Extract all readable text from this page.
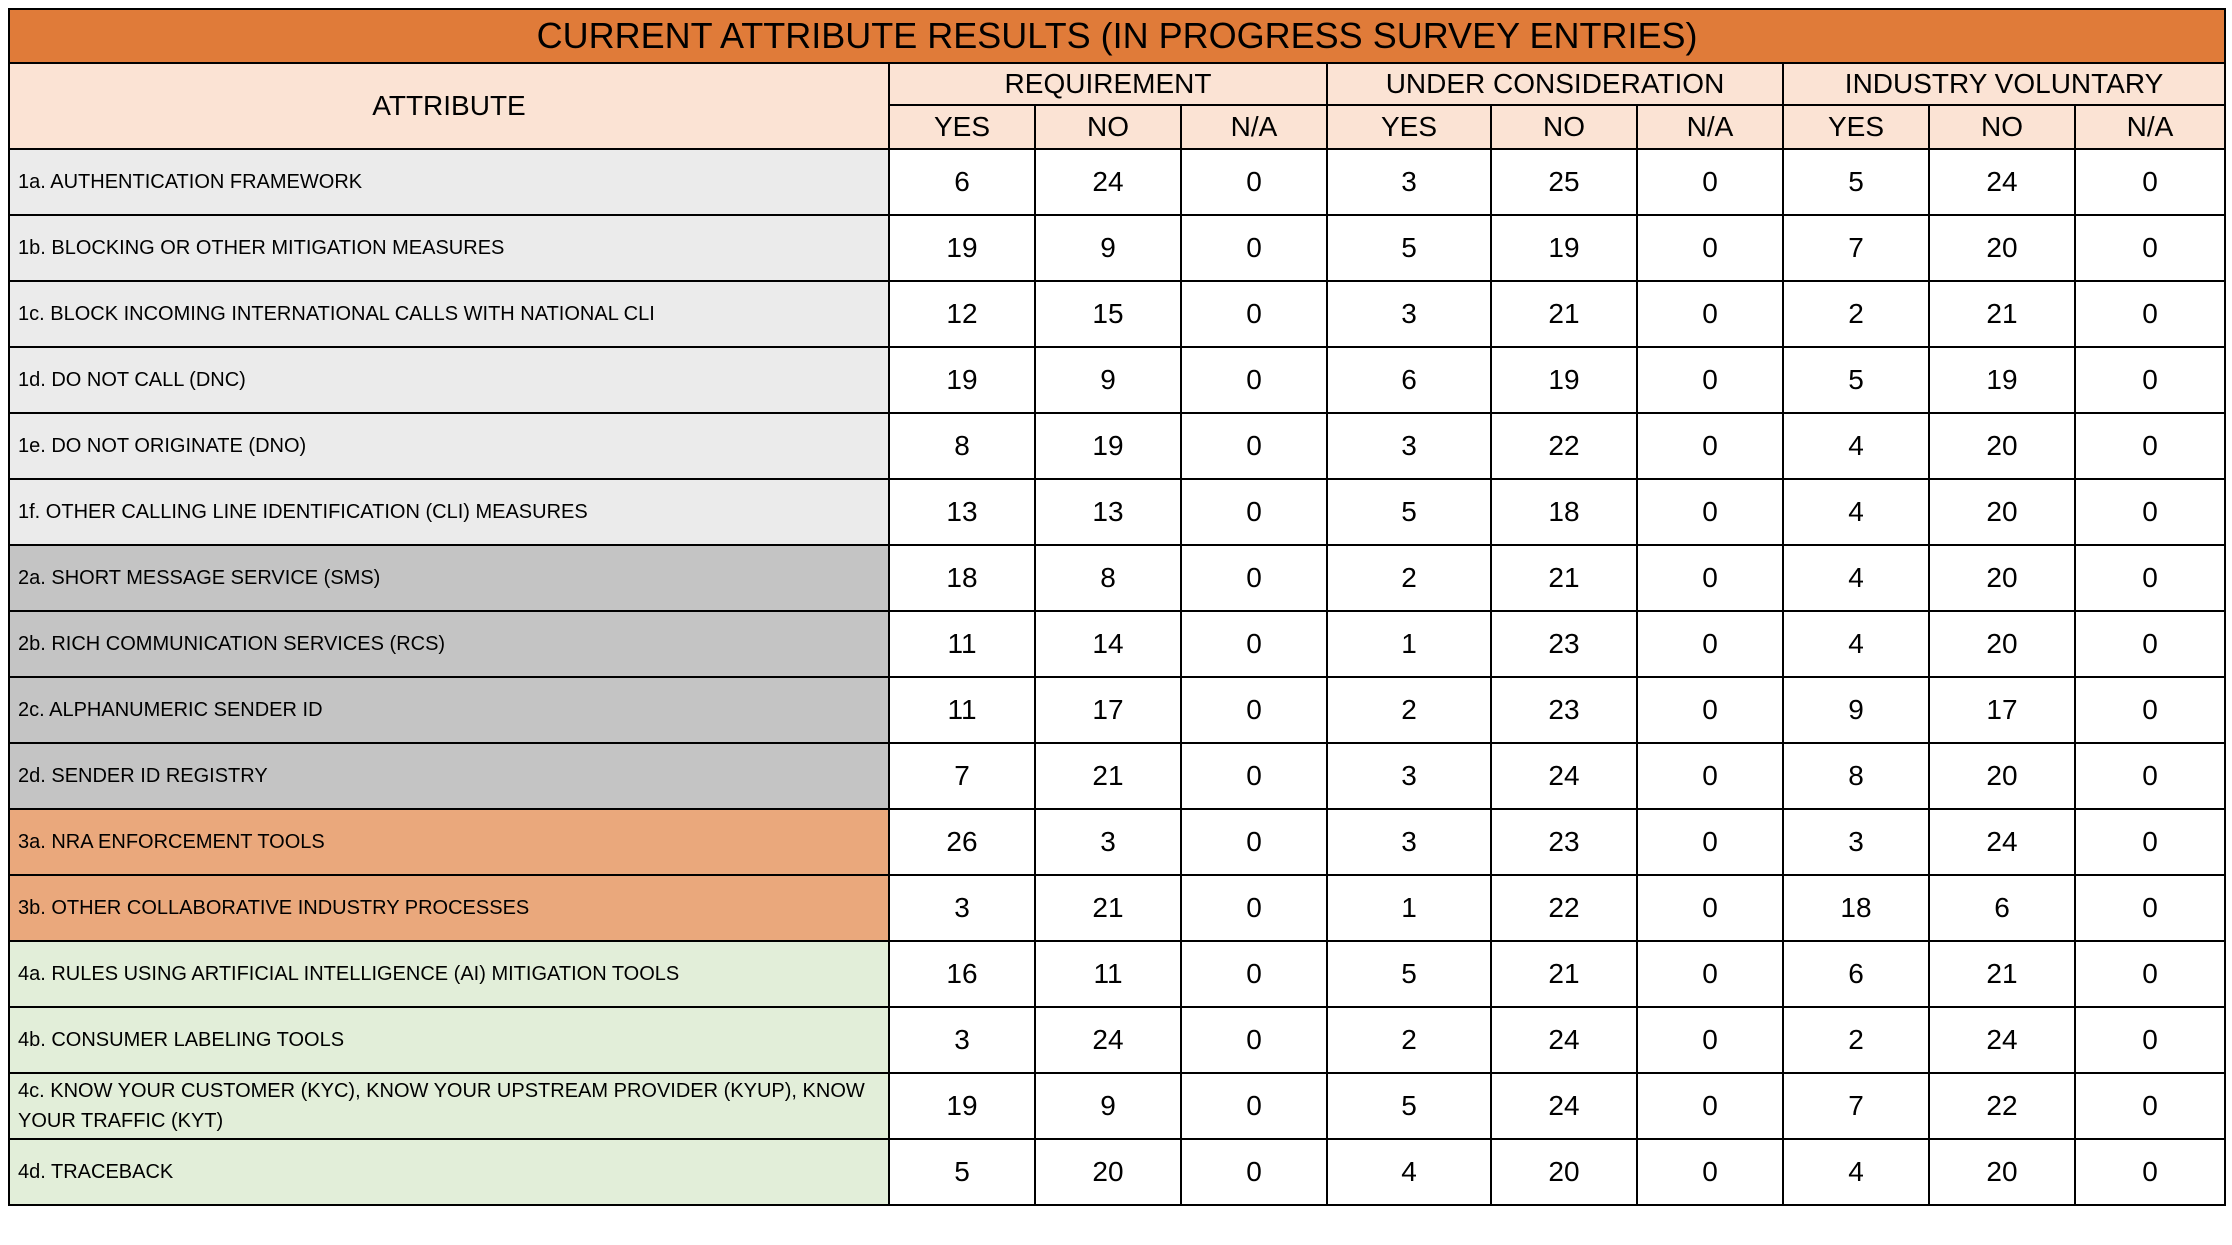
CURRENT ATTRIBUTE RESULTS (IN PROGRESS SURVEY ENTRIES)									
ATTRIBUTE	REQUIREMENT			UNDER CONSIDERATION			INDUSTRY VOLUNTARY		
	YES	NO	N/A	YES	NO	N/A	YES	NO	N/A
1a. AUTHENTICATION FRAMEWORK	6	24	0	3	25	0	5	24	0
1b. BLOCKING OR OTHER MITIGATION MEASURES	19	9	0	5	19	0	7	20	0
1c. BLOCK INCOMING INTERNATIONAL CALLS WITH NATIONAL CLI	12	15	0	3	21	0	2	21	0
1d. DO NOT CALL (DNC)	19	9	0	6	19	0	5	19	0
1e. DO NOT ORIGINATE (DNO)	8	19	0	3	22	0	4	20	0
1f. OTHER CALLING LINE IDENTIFICATION (CLI) MEASURES	13	13	0	5	18	0	4	20	0
2a. SHORT MESSAGE SERVICE (SMS)	18	8	0	2	21	0	4	20	0
2b. RICH COMMUNICATION SERVICES (RCS)	11	14	0	1	23	0	4	20	0
2c. ALPHANUMERIC SENDER ID	11	17	0	2	23	0	9	17	0
2d. SENDER ID REGISTRY	7	21	0	3	24	0	8	20	0
3a. NRA ENFORCEMENT TOOLS	26	3	0	3	23	0	3	24	0
3b. OTHER COLLABORATIVE INDUSTRY PROCESSES	3	21	0	1	22	0	18	6	0
4a. RULES USING ARTIFICIAL INTELLIGENCE (AI) MITIGATION TOOLS	16	11	0	5	21	0	6	21	0
4b. CONSUMER LABELING TOOLS	3	24	0	2	24	0	2	24	0
4c. KNOW YOUR CUSTOMER (KYC), KNOW YOUR UPSTREAM PROVIDER (KYUP), KNOW YOUR TRAFFIC (KYT)	19	9	0	5	24	0	7	22	0
4d. TRACEBACK	5	20	0	4	20	0	4	20	0
